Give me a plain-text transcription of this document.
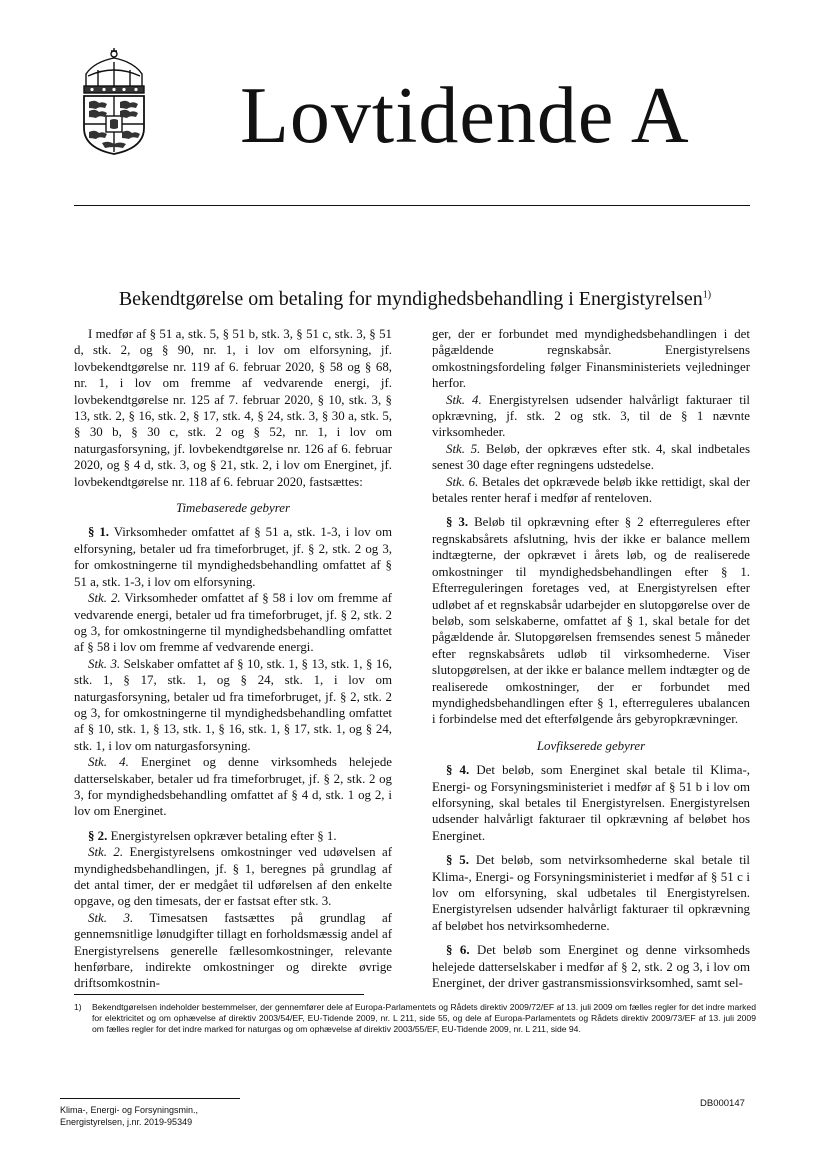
Lovtidende A
Bekendtgørelse om betaling for myndighedsbehandling i Energistyrelsen$^{1)}$

I medfør af § 51 a, stk. 5, § 51 b, stk. 3, § 51 c, stk. 3, § 51 d, stk. 2, og § 90, nr. 1, i lov om elforsyning, jf. lovbekendtgørelse nr. 119 af 6. februar 2020, § 58 og § 68, nr. 1, i lov om fremme af vedvarende energi, jf. lovbekendtgørelse nr. 125 af 7. februar 2020, § 10, stk. 3, § 13, stk. 2, § 16, stk. 2, § 17, stk. 4, § 24, stk. 3, § 30 a, stk. 5, § 30 b, § 30 c, stk. 2 og § 52, nr. 1, i lov om naturgasforsyning, jf. lovbekendtgørelse nr. 126 af 6. februar 2020, og § 4 d, stk. 3, og § 21, stk. 2, i lov om Energinet, jf. lovbekendtgørelse nr. 118 af 6. februar 2020, fastsættes:

Timebaserede gebyrer

§ 1. Virksomheder omfattet af § 51 a, stk. 1-3, i lov om elforsyning, betaler ud fra timeforbruget, jf. § 2, stk. 2 og 3, for omkostningerne til myndighedsbehandling omfattet af § 51 a, stk. 1-3, i lov om elforsyning.

Stk. 2. Virksomheder omfattet af § 58 i lov om fremme af vedvarende energi, betaler ud fra timeforbruget, jf. § 2, stk. 2 og 3, for omkostningerne til myndighedsbehandling omfattet af § 58 i lov om fremme af vedvarende energi.

Stk. 3. Selskaber omfattet af § 10, stk. 1, § 13, stk. 1, § 16, stk. 1, § 17, stk. 1, og § 24, stk. 1, i lov om naturgasforsyning, betaler ud fra timeforbruget, jf. § 2, stk. 2 og 3, for omkostningerne til myndighedsbehandling omfattet af § 10, stk. 1, § 13, stk. 1, § 16, stk. 1, § 17, stk. 1, og § 24, stk. 1, i lov om naturgasforsyning.

Stk. 4. Energinet og denne virksomheds helejede datterselskaber, betaler ud fra timeforbruget, jf. § 2, stk. 2 og 3, for myndighedsbehandling omfattet af § 4 d, stk. 1 og 2, i lov om Energinet.

§ 2. Energistyrelsen opkræver betaling efter § 1.

Stk. 2. Energistyrelsens omkostninger ved udøvelsen af myndighedsbehandlingen, jf. § 1, beregnes på grundlag af det antal timer, der er medgået til udførelsen af den enkelte opgave, og den timesats, der er fastsat efter stk. 3.

Stk. 3. Timesatsen fastsættes på grundlag af gennemsnitlige lønudgifter tillagt en forholdsmæssig andel af Energistyrelsens generelle fællesomkostninger, relevante henførbare, indirekte omkostninger og direkte øvrige driftsomkostnin-

ger, der er forbundet med myndighedsbehandlingen i det pågældende regnskabsår. Energistyrelsens omkostningsfordeling følger Finansministeriets vejledninger herfor.

Stk. 4. Energistyrelsen udsender halvårligt fakturaer til opkrævning, jf. stk. 2 og stk. 3, til de § 1 nævnte virksomheder.

Stk. 5. Beløb, der opkræves efter stk. 4, skal indbetales senest 30 dage efter regningens udstedelse.

Stk. 6. Betales det opkrævede beløb ikke rettidigt, skal der betales renter heraf i medfør af renteloven.

§ 3. Beløb til opkrævning efter § 2 efterreguleres efter regnskabsårets afslutning, hvis der ikke er balance mellem indtægterne, der opkrævet i årets løb, og de realiserede omkostninger til myndighedsbehandlingen efter § 1. Efterreguleringen foretages ved, at Energistyrelsen efter udløbet af et regnskabsår udarbejder en slutopgørelse over de beløb, som selskaberne, omfattet af § 1, skal betale for det pågældende år. Slutopgørelsen fremsendes senest 5 måneder efter regnskabsårets udløb til virksomhederne. Viser slutopgørelsen, at der ikke er balance mellem indtægter og de realiserede omkostninger, der er forbundet med myndighedsbehandlingen efter § 1, efterreguleres ubalancen i forbindelse med det efterfølgende års gebyropkrævninger.

Lovfikserede gebyrer

§ 4. Det beløb, som Energinet skal betale til Klima-, Energi- og Forsyningsministeriet i medfør af § 51 b i lov om elforsyning, skal betales til Energistyrelsen. Energistyrelsen udsender halvårligt fakturaer til opkrævning af beløbet hos Energinet.

§ 5. Det beløb, som netvirksomhederne skal betale til Klima-, Energi- og Forsyningsministeriet i medfør af § 51 c i lov om elforsyning, skal udbetales til Energistyrelsen. Energistyrelsen udsender halvårligt fakturaer til opkrævning af beløbet hos netvirksomhederne.

§ 6. Det beløb som Energinet og denne virksomheds helejede datterselskaber i medfør af § 2, stk. 2 og 3, i lov om Energinet, der driver gastransmissionsvirksomhed, samt sel-

1) Bekendtgørelsen indeholder bestemmelser, der gennemfører dele af Europa-Parlamentets og Rådets direktiv 2009/72/EF af 13. juli 2009 om fælles regler for det indre marked for elektricitet og om ophævelse af direktiv 2003/54/EF, EU-Tidende 2009, nr. L 211, side 55, og dele af Europa-Parlamentets og Rådets direktiv 2009/73/EF af 13. juli 2009 om fælles regler for det indre marked for naturgas og om ophævelse af direktiv 2003/55/EF, EU-Tidende 2009, nr. L 211, side 94.
Klima-, Energi- og Forsyningsmin.,
Energistyrelsen, j.nr. 2019-95349
DB000147
